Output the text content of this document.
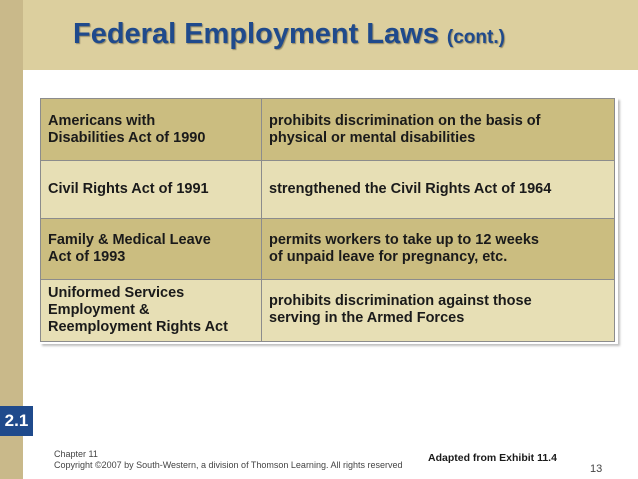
Federal Employment Laws (cont.)
Americans with
Disabilities Act of 1990	prohibits discrimination on the basis of
physical or mental disabilities

Civil Rights Act of 1991	strengthened the Civil Rights Act of 1964

Family & Medical Leave
Act of 1993	permits workers to take up to 12 weeks
of unpaid leave for pregnancy, etc.

Uniformed Services
Employment &
Reemployment Rights Act	prohibits discrimination against those
serving in the Armed Forces
2.1
Chapter 11
Copyright ©2007 by South-Western, a division of Thomson Learning. All rights reserved
Adapted from Exhibit 11.4
13
